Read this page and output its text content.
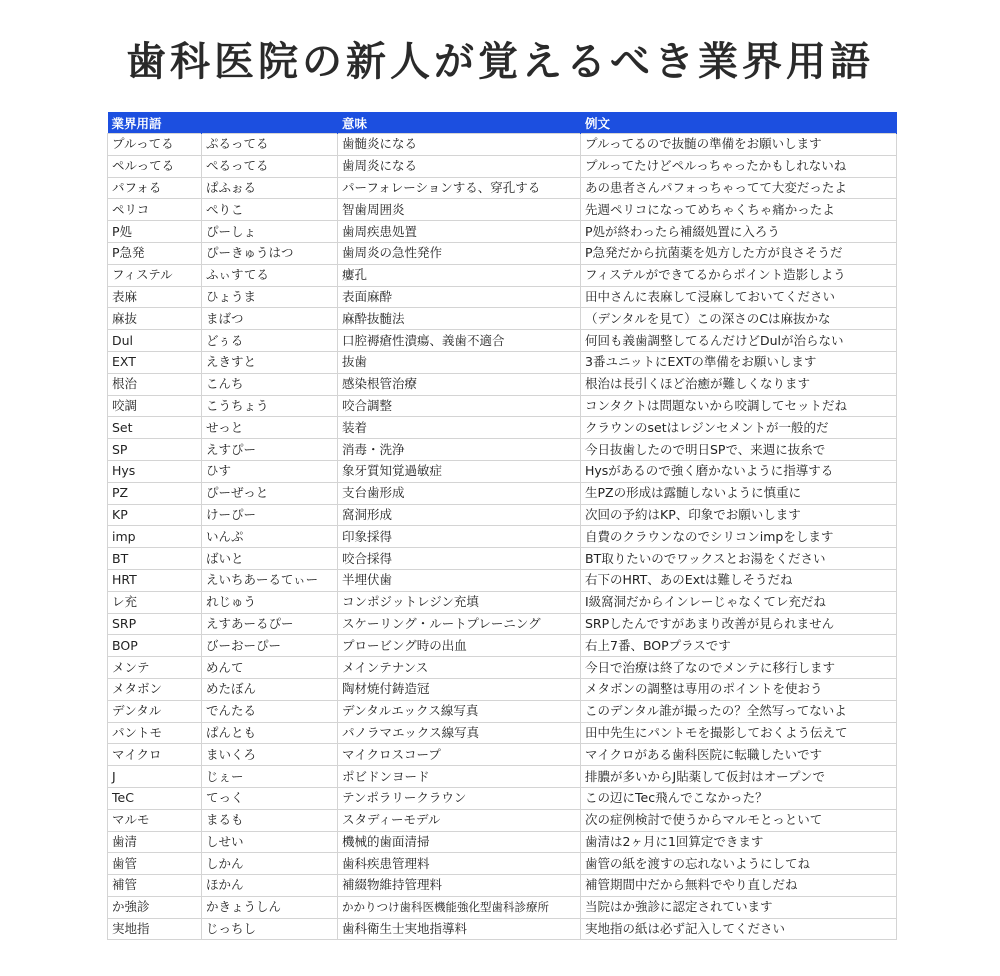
歯科医院の新人が覚えるべき業界用語
業界用語		意味	例文
プルってる	ぷるってる	歯髄炎になる	プルってるので抜髄の準備をお願いします
ペルってる	ぺるってる	歯周炎になる	プルってたけどペルっちゃったかもしれないね
パフォる	ぱふぉる	パーフォレーションする、穿孔する	あの患者さんパフォっちゃってて大変だったよ
ペリコ	ぺりこ	智歯周囲炎	先週ペリコになってめちゃくちゃ痛かったよ
P処	ぴーしょ	歯周疾患処置	P処が終わったら補綴処置に入ろう
P急発	ぴーきゅうはつ	歯周炎の急性発作	P急発だから抗菌薬を処方した方が良さそうだ
フィステル	ふぃすてる	瘻孔	フィステルができてるからポイント造影しよう
表麻	ひょうま	表面麻酔	田中さんに表麻して浸麻しておいてください
麻抜	まばつ	麻酔抜髄法	（デンタルを見て）この深さのCは麻抜かな
Dul	どぅる	口腔褥瘡性潰瘍、義歯不適合	何回も義歯調整してるんだけどDulが治らない
EXT	えきすと	抜歯	3番ユニットにEXTの準備をお願いします
根治	こんち	感染根管治療	根治は長引くほど治癒が難しくなります
咬調	こうちょう	咬合調整	コンタクトは問題ないから咬調してセットだね
Set	せっと	装着	クラウンのsetはレジンセメントが一般的だ
SP	えすぴー	消毒・洗浄	今日抜歯したので明日SPで、来週に抜糸で
Hys	ひす	象牙質知覚過敏症	Hysがあるので強く磨かないように指導する
PZ	ぴーぜっと	支台歯形成	生PZの形成は露髄しないように慎重に
KP	けーぴー	窩洞形成	次回の予約はKP、印象でお願いします
imp	いんぷ	印象採得	自費のクラウンなのでシリコンimpをします
BT	ばいと	咬合採得	BT取りたいのでワックスとお湯をください
HRT	えいちあーるてぃー	半埋伏歯	右下のHRT、あのExtは難しそうだね
レ充	れじゅう	コンポジットレジン充填	Ⅰ級窩洞だからインレーじゃなくてレ充だね
SRP	えすあーるぴー	スケーリング・ルートプレーニング	SRPしたんですがあまり改善が見られません
BOP	びーおーぴー	プロービング時の出血	右上7番、BOPプラスです
メンテ	めんて	メインテナンス	今日で治療は終了なのでメンテに移行します
メタボン	めたぼん	陶材焼付鋳造冠	メタボンの調整は専用のポイントを使おう
デンタル	でんたる	デンタルエックス線写真	このデンタル誰が撮ったの？全然写ってないよ
パントモ	ぱんとも	パノラマエックス線写真	田中先生にパントモを撮影しておくよう伝えて
マイクロ	まいくろ	マイクロスコープ	マイクロがある歯科医院に転職したいです
J	じぇー	ポビドンヨード	排膿が多いからJ貼薬して仮封はオープンで
TeC	てっく	テンポラリークラウン	この辺にTec飛んでこなかった？
マルモ	まるも	スタディーモデル	次の症例検討で使うからマルモとっといて
歯清	しせい	機械的歯面清掃	歯清は2ヶ月に1回算定できます
歯管	しかん	歯科疾患管理料	歯管の紙を渡すの忘れないようにしてね
補管	ほかん	補綴物維持管理料	補管期間中だから無料でやり直しだね
か強診	かきょうしん	かかりつけ歯科医機能強化型歯科診療所	当院はか強診に認定されています
実地指	じっちし	歯科衛生士実地指導料	実地指の紙は必ず記入してください
